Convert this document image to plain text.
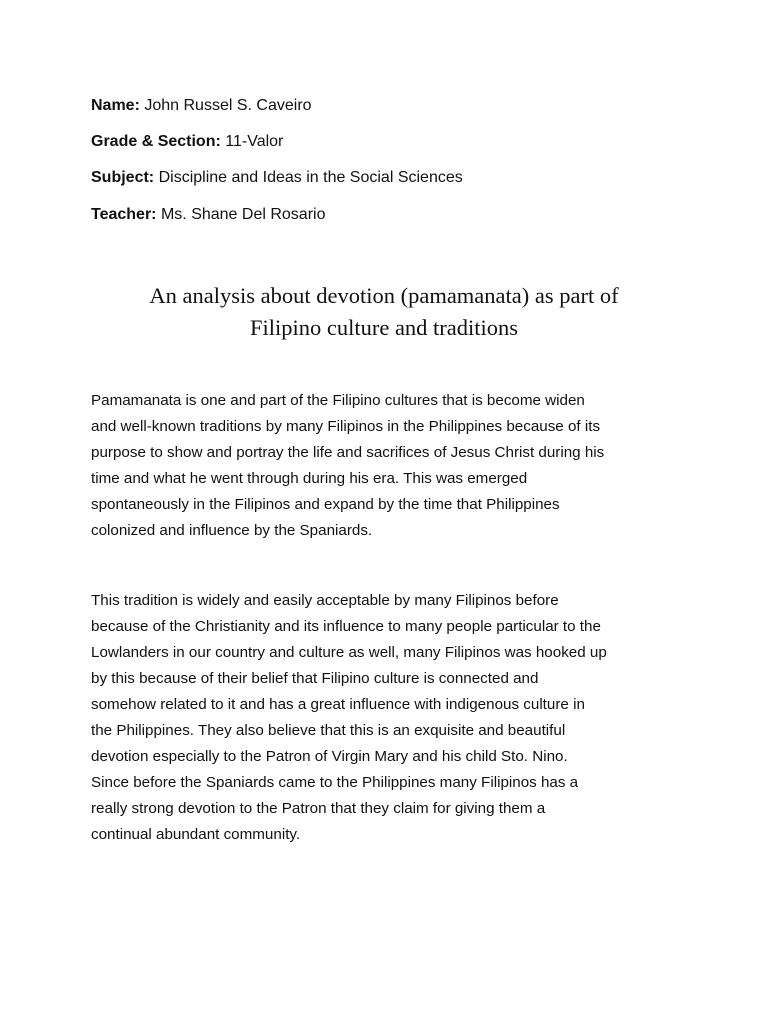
Name: John Russel S. Caveiro
Grade & Section: 11-Valor
Subject: Discipline and Ideas in the Social Sciences
Teacher: Ms. Shane Del Rosario
An analysis about devotion (pamamanata) as part of
Filipino culture and traditions
Pamamanata is one and part of the Filipino cultures that is become widen
and well-known traditions by many Filipinos in the Philippines because of its
purpose to show and portray the life and sacrifices of Jesus Christ during his
time and what he went through during his era. This was emerged
spontaneously in the Filipinos and expand by the time that Philippines
colonized and influence by the Spaniards.
This tradition is widely and easily acceptable by many Filipinos before
because of the Christianity and its influence to many people particular to the
Lowlanders in our country and culture as well, many Filipinos was hooked up
by this because of their belief that Filipino culture is connected and
somehow related to it and has a great influence with indigenous culture in
the Philippines. They also believe that this is an exquisite and beautiful
devotion especially to the Patron of Virgin Mary and his child Sto. Nino.
Since before the Spaniards came to the Philippines many Filipinos has a
really strong devotion to the Patron that they claim for giving them a
continual abundant community.
